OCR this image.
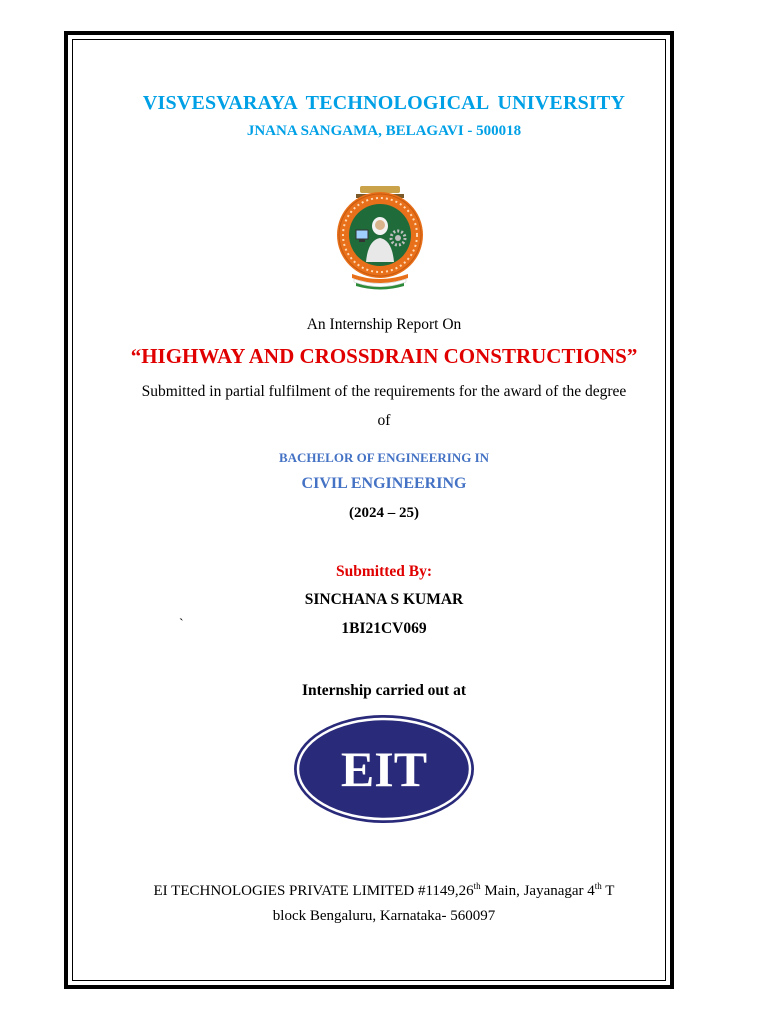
VISVESVARAYA TECHNOLOGICAL UNIVERSITY
JNANA SANGAMA, BELAGAVI - 500018
An Internship Report On
“HIGHWAY AND CROSSDRAIN CONSTRUCTIONS”
Submitted in partial fulfilment of the requirements for the award of the degree
of
BACHELOR OF ENGINEERING IN
CIVIL ENGINEERING
(2024 – 25)
Submitted By:
SINCHANA S KUMAR
`	1BI21CV069
Internship carried out at
EIT
EI TECHNOLOGIES PRIVATE LIMITED #1149,26th Main, Jayanagar 4th T
block Bengaluru, Karnataka- 560097
